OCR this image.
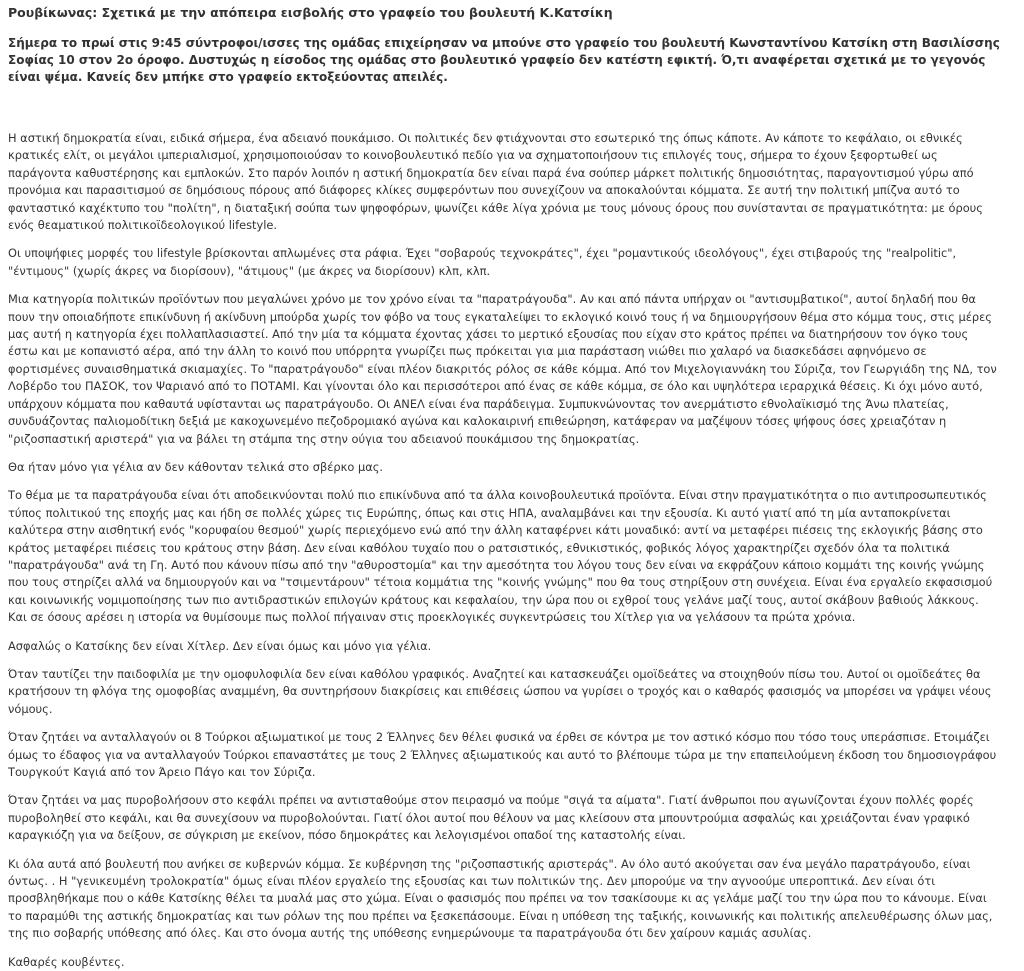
Ρουβίκωνας: Σχετικά με την απόπειρα εισβολής στο γραφείο του βουλευτή Κ.Κατσίκη
Σήμερα το πρωί στις 9:45 σύντροφοι/ισσες της ομάδας επιχείρησαν να μπούνε στο γραφείο του βουλευτή Κωνσταντίνου Κατσίκη στη Βασιλίσσης Σοφίας 10 στον 2ο όροφο. Δυστυχώς η είσοδος της ομάδας στο βουλευτικό γραφείο δεν κατέστη εφικτή. Ό,τι αναφέρεται σχετικά με το γεγονός είναι ψέμα. Κανείς δεν μπήκε στο γραφείο εκτοξεύοντας απειλές.

Η αστική δημοκρατία είναι, ειδικά σήμερα, ένα αδειανό πουκάμισο. Οι πολιτικές δεν φτιάχνονται στο εσωτερικό της όπως κάποτε. Αν κάποτε το κεφάλαιο, οι εθνικές κρατικές ελίτ, οι μεγάλοι ιμπεριαλισμοί, χρησιμοποιούσαν το κοινοβουλευτικό πεδίο για να σχηματοποιήσουν τις επιλογές τους, σήμερα το έχουν ξεφορτωθεί ως παράγοντα καθυστέρησης και εμπλοκών. Στο παρόν λοιπόν η αστική δημοκρατία δεν είναι παρά ένα σούπερ μάρκετ πολιτικής δημοσιότητας, παραγοντισμού γύρω από προνόμια και παρασιτισμού σε δημόσιους πόρους από διάφορες κλίκες συμφερόντων που συνεχίζουν να αποκαλούνται κόμματα. Σε αυτή την πολιτική μπίζνα αυτό το φανταστικό καχέκτυπο του "πολίτη", η διαταξική σούπα των ψηφοφόρων, ψωνίζει κάθε λίγα χρόνια με τους μόνους όρους που συνίστανται σε πραγματικότητα: με όρους ενός θεαματικού πολιτικοϊδεολογικού lifestyle.

Οι υποψήφιες μορφές του lifestyle βρίσκονται απλωμένες στα ράφια. Έχει "σοβαρούς τεχνοκράτες", έχει "ρομαντικούς ιδεολόγους", έχει στιβαρούς της "realpolitic", "έντιμους" (χωρίς άκρες να διορίσουν), "άτιμους" (με άκρες να διορίσουν) κλπ, κλπ.

Μια κατηγορία πολιτικών προϊόντων που μεγαλώνει χρόνο με τον χρόνο είναι τα "παρατράγουδα". Αν και από πάντα υπήρχαν οι "αντισυμβατικοί", αυτοί δηλαδή που θα πουν την οποιαδήποτε επικίνδυνη ή ακίνδυνη μπούρδα χωρίς τον φόβο να τους εγκαταλείψει το εκλογικό κοινό τους ή να δημιουργήσουν θέμα στο κόμμα τους, στις μέρες μας αυτή η κατηγορία έχει πολλαπλασιαστεί. Από την μία τα κόμματα έχοντας χάσει το μερτικό εξουσίας που είχαν στο κράτος πρέπει να διατηρήσουν τον όγκο τους έστω και με κοπανιστό αέρα, από την άλλη το κοινό που υπόρρητα γνωρίζει πως πρόκειται για μια παράσταση νιώθει πιο χαλαρό να διασκεδάσει αφηνόμενο σε φορτισμένες συναισθηματικά σκιαμαχίες. Το "παρατράγουδο" είναι πλέον διακριτός ρόλος σε κάθε κόμμα. Από τον Μιχελογιαννάκη του Σύριζα, τον Γεωργιάδη της ΝΔ, τον Λοβέρδο του ΠΑΣΟΚ, τον Ψαριανό από το ΠΟΤΑΜΙ. Και γίνονται όλο και περισσότεροι από ένας σε κάθε κόμμα, σε όλο και υψηλότερα ιεραρχικά θέσεις. Κι όχι μόνο αυτό, υπάρχουν κόμματα που καθαυτά υφίστανται ως παρατράγουδο. Οι ΑΝΕΛ είναι ένα παράδειγμα. Συμπυκνώνοντας τον ανερμάτιστο εθνολαϊκισμό της Άνω πλατείας, συνδυάζοντας παλιομοδίτικη δεξιά με κακοχωνεμένο πεζοδρομιακό αγώνα και καλοκαιρινή επιθεώρηση, κατάφεραν να μαζέψουν τόσες ψήφους όσες χρειαζόταν η "ριζοσπαστική αριστερά" για να βάλει τη στάμπα της στην ούγια του αδειανού πουκάμισου της δημοκρατίας.

Θα ήταν μόνο για γέλια αν δεν κάθονταν τελικά στο σβέρκο μας.

Το θέμα με τα παρατράγουδα είναι ότι αποδεικνύονται πολύ πιο επικίνδυνα από τα άλλα κοινοβουλευτικά προϊόντα. Είναι στην πραγματικότητα ο πιο αντιπροσωπευτικός τύπος πολιτικού της εποχής μας και ήδη σε πολλές χώρες τις Ευρώπης, όπως και στις ΗΠΑ, αναλαμβάνει και την εξουσία. Κι αυτό γιατί από τη μία ανταποκρίνεται καλύτερα στην αισθητική ενός "κορυφαίου θεσμού" χωρίς περιεχόμενο ενώ από την άλλη καταφέρνει κάτι μοναδικό: αντί να μεταφέρει πιέσεις της εκλογικής βάσης στο κράτος μεταφέρει πιέσεις του κράτους στην βάση. Δεν είναι καθόλου τυχαίο που ο ρατσιστικός, εθνικιστικός, φοβικός λόγος χαρακτηρίζει σχεδόν όλα τα πολιτικά "παρατράγουδα" ανά τη Γη. Αυτό που κάνουν πίσω από την "αθυροστομία" και την αμεσότητα του λόγου τους δεν είναι να εκφράζουν κάποιο κομμάτι της κοινής γνώμης που τους στηρίζει αλλά να δημιουργούν και να "τσιμεντάρουν" τέτοια κομμάτια της "κοινής γνώμης" που θα τους στηρίξουν στη συνέχεια. Είναι ένα εργαλείο εκφασισμού και κοινωνικής νομιμοποίησης των πιο αντιδραστικών επιλογών κράτους και κεφαλαίου, την ώρα που οι εχθροί τους γελάνε μαζί τους, αυτοί σκάβουν βαθιούς λάκκους. Και σε όσους αρέσει η ιστορία να θυμίσουμε πως πολλοί πήγαιναν στις προεκλογικές συγκεντρώσεις του Χίτλερ για να γελάσουν τα πρώτα χρόνια.

Ασφαλώς ο Κατσίκης δεν είναι Χίτλερ. Δεν είναι όμως και μόνο για γέλια.

Όταν ταυτίζει την παιδοφιλία με την ομοφυλοφιλία δεν είναι καθόλου γραφικός. Αναζητεί και κατασκευάζει ομοϊδεάτες να στοιχηθούν πίσω του. Αυτοί οι ομοϊδεάτες θα κρατήσουν τη φλόγα της ομοφοβίας αναμμένη, θα συντηρήσουν διακρίσεις και επιθέσεις ώσπου να γυρίσει ο τροχός και ο καθαρός φασισμός να μπορέσει να γράψει νέους νόμους.

Όταν ζητάει να ανταλλαγούν οι 8 Τούρκοι αξιωματικοί με τους 2 Έλληνες δεν θέλει φυσικά να έρθει σε κόντρα με τον αστικό κόσμο που τόσο τους υπεράσπισε. Ετοιμάζει όμως το έδαφος για να ανταλλαγούν Τούρκοι επαναστάτες με τους 2 Έλληνες αξιωματικούς και αυτό το βλέπουμε τώρα με την επαπειλούμενη έκδοση του δημοσιογράφου Τουργκούτ Καγιά από τον Άρειο Πάγο και τον Σύριζα.

Όταν ζητάει να μας πυροβολήσουν στο κεφάλι πρέπει να αντισταθούμε στον πειρασμό να πούμε "σιγά τα αίματα". Γιατί άνθρωποι που αγωνίζονται έχουν πολλές φορές πυροβοληθεί στο κεφάλι, και θα συνεχίσουν να πυροβολούνται. Γιατί όλοι αυτοί που θέλουν να μας κλείσουν στα μπουντρούμια ασφαλώς και χρειάζονται έναν γραφικό καραγκιόζη για να δείξουν, σε σύγκριση με εκείνον, πόσο δημοκράτες και λελογισμένοι οπαδοί της καταστολής είναι.

Κι όλα αυτά από βουλευτή που ανήκει σε κυβερνών κόμμα. Σε κυβέρνηση της "ριζοσπαστικής αριστεράς". Αν όλο αυτό ακούγεται σαν ένα μεγάλο παρατράγουδο, είναι όντως. . Η "γενικευμένη τρολοκρατία" όμως είναι πλέον εργαλείο της εξουσίας και των πολιτικών της. Δεν μπορούμε να την αγνοούμε υπεροπτικά. Δεν είναι ότι προσβληθήκαμε που ο κάθε Κατσίκης θέλει τα μυαλά μας στο χώμα. Είναι ο φασισμός που πρέπει να τον τσακίσουμε κι ας γελάμε μαζί του την ώρα που το κάνουμε. Είναι το παραμύθι της αστικής δημοκρατίας και των ρόλων της που πρέπει να ξεσκεπάσουμε. Είναι η υπόθεση της ταξικής, κοινωνικής και πολιτικής απελευθέρωσης όλων μας, της πιο σοβαρής υπόθεσης από όλες. Και στο όνομα αυτής της υπόθεσης ενημερώνουμε τα παρατράγουδα ότι δεν χαίρουν καμιάς ασυλίας.

Καθαρές κουβέντες.
